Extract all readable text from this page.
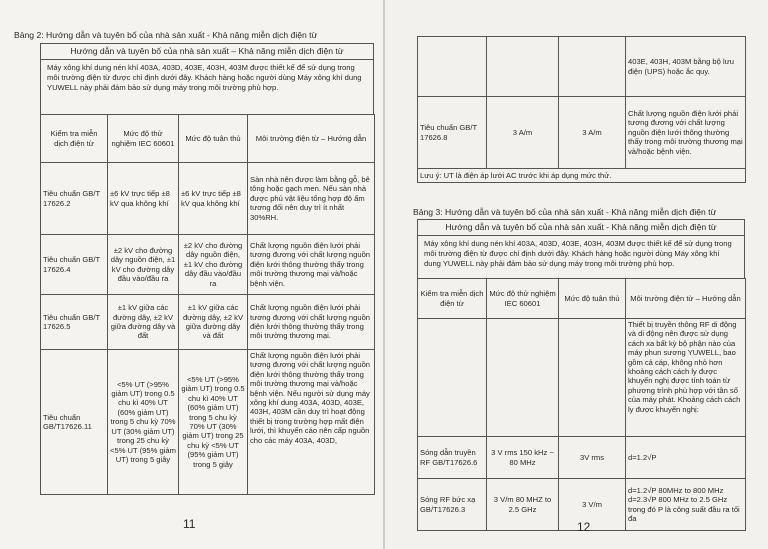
Bảng 2: Hướng dẫn và tuyên bố của nhà sản xuất - Khả năng miễn dịch điện từ
Hướng dẫn và tuyên bố của nhà sản xuất – Khả năng miễn dịch điện từ
Máy xông khí dung nén khí 403A, 403D, 403E, 403H, 403M được thiết kế để sử dụng trong môi trường điện từ được chỉ định dưới đây. Khách hàng hoặc người dùng Máy xông khí dung YUWELL này phải đảm bảo sử dụng máy trong môi trường phù hợp.
Kiểm tra miễn dịch điện từ	Mức độ thử nghiệm IEC 60601	Mức độ tuân thủ	Môi trường điện từ – Hướng dẫn
Tiêu chuẩn GB/T 17626.2	±6 kV trực tiếp ±8 kV qua không khí	±6 kV trực tiếp ±8 kV qua không khí	Sàn nhà nên được làm bằng gỗ, bê tông hoặc gạch men. Nếu sàn nhà được phủ vật liệu tổng hợp độ ẩm tương đối nên duy trì ít nhất 30%RH.
Tiêu chuẩn GB/T 17626.4	±2 kV cho đường dây nguồn điện, ±1 kV cho đường dây đầu vào/đầu ra	±2 kV cho đường dây nguồn điện, ±1 kV cho đường dây đầu vào/đầu ra	Chất lượng nguồn điện lưới phải tương đương với chất lượng nguồn điện lưới thông thường thấy trong môi trường thương mại và/hoặc bệnh viện.
Tiêu chuẩn GB/T 17626.5	±1 kV giữa các đường dây, ±2 kV giữa đường dây và đất	±1 kV giữa các đường dây, ±2 kV giữa đường dây và đất	Chất lượng nguồn điện lưới phải tương đương với chất lượng nguồn điện lưới thông thường thấy trong môi trường thương mại.
Tiêu chuẩn GB/T17626.11	<5% UT (>95% giảm UT) trong 0.5 chu kì 40% UT (60% giảm UT) trong 5 chu kỳ 70% UT (30% giảm UT) trong 25 chu kỳ <5% UT (95% giảm UT) trong 5 giây	<5% UT (>95% giảm UT) trong 0.5 chu kì 40% UT (60% giảm UT) trong 5 chu kỳ 70% UT (30% giảm UT) trong 25 chu kỳ <5% UT (95% giảm UT) trong 5 giây	Chất lượng nguồn điện lưới phải tương đương với chất lượng nguồn điện lưới thông thường thấy trong môi trường thương mại và/hoặc bệnh viện. Nếu người sử dụng máy xông khí dung 403A, 403D, 403E, 403H, 403M cần duy trì hoạt động thiết bị trong trường hợp mất điện lưới, thì khuyến cáo nên cấp nguồn cho các máy 403A, 403D,
11
			403E, 403H, 403M bằng bộ lưu điện (UPS) hoặc ắc quy.
Tiêu chuẩn GB/T 17626.8	3 A/m	3 A/m	Chất lượng nguồn điện lưới phải tương đương với chất lượng nguồn điện lưới thông thường thấy trong môi trường thương mại và/hoặc bệnh viện.
Lưu ý: UT là điện áp lưới AC trước khi áp dụng mức thử.			
Bảng 3: Hướng dẫn và tuyên bố của nhà sản xuất - Khả năng miễn dịch điện từ
Hướng dẫn và tuyên bố của nhà sản xuất - Khả năng miễn dịch điện từ
Máy xông khí dung nén khí 403A, 403D, 403E, 403H, 403M được thiết kế để sử dụng trong môi trường điện từ được chỉ định dưới đây. Khách hàng hoặc người dùng Máy xông khí dung YUWELL này phải đảm bảo sử dụng máy trong môi trường phù hợp.
Kiểm tra miễn dịch điện từ	Mức độ thử nghiệm IEC 60601	Mức độ tuân thủ	Môi trường điện từ – Hướng dẫn
			Thiết bị truyền thông RF di động và di động nên được sử dụng cách xa bất kỳ bộ phận nào của máy phun sương YUWELL, bao gồm cả cáp, không nhỏ hơn khoảng cách cách ly được khuyến nghị được tính toán từ phương trình phù hợp với tần số của máy phát. Khoảng cách cách ly được khuyến nghị:
Sóng dẫn truyền RF GB/T17626.6	3 V rms 150 kHz ~ 80 MHz	3V rms	d=1.2√P
Sóng RF bức xạ GB/T17626.3	3 V/m 80 MHZ to 2.5 GHz	3 V/m	d=1.2√P 80MHz to 800 MHz d=2.3√P 800 MHz to 2.5 GHz trong đó P là công suất đầu ra tối đa
12
